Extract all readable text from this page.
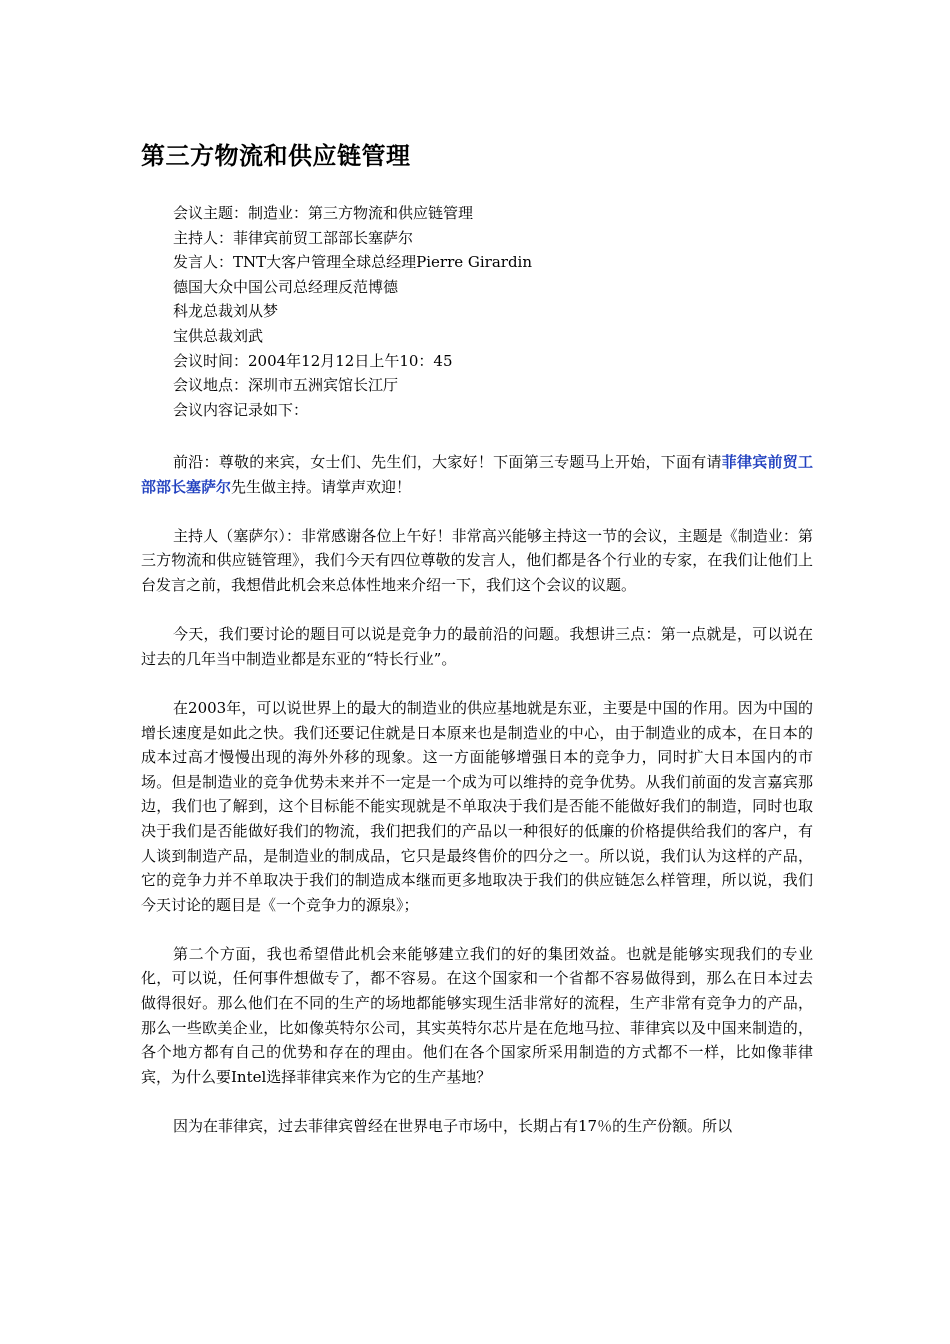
第三方物流和供应链管理
会议主题：制造业：第三方物流和供应链管理
主持人：菲律宾前贸工部部长塞萨尔
发言人：TNT大客户管理全球总经理Pierre Girardin
德国大众中国公司总经理反范博德
科龙总裁刘从梦
宝供总裁刘武
会议时间：2004年12月12日上午10：45
会议地点：深圳市五洲宾馆长江厅
会议内容记录如下：

前沿：尊敬的来宾，女士们、先生们，大家好！下面第三专题马上开始，下面有请菲律宾前贸工部部长塞萨尔先生做主持。请掌声欢迎！

主持人（塞萨尔）：非常感谢各位上午好！非常高兴能够主持这一节的会议，主题是《制造业：第三方物流和供应链管理》，我们今天有四位尊敬的发言人，他们都是各个行业的专家，在我们让他们上台发言之前，我想借此机会来总体性地来介绍一下，我们这个会议的议题。

今天，我们要讨论的题目可以说是竞争力的最前沿的问题。我想讲三点：第一点就是，可以说在过去的几年当中制造业都是东亚的“特长行业”。

在2003年，可以说世界上的最大的制造业的供应基地就是东亚，主要是中国的作用。因为中国的增长速度是如此之快。我们还要记住就是日本原来也是制造业的中心，由于制造业的成本，在日本的成本过高才慢慢出现的海外外移的现象。这一方面能够增强日本的竞争力，同时扩大日本国内的市场。但是制造业的竞争优势未来并不一定是一个成为可以维持的竞争优势。从我们前面的发言嘉宾那边，我们也了解到，这个目标能不能实现就是不单取决于我们是否能不能做好我们的制造，同时也取决于我们是否能做好我们的物流，我们把我们的产品以一种很好的低廉的价格提供给我们的客户，有人谈到制造产品，是制造业的制成品，它只是最终售价的四分之一。所以说，我们认为这样的产品，它的竞争力并不单取决于我们的制造成本继而更多地取决于我们的供应链怎么样管理，所以说，我们今天讨论的题目是《一个竞争力的源泉》；

第二个方面，我也希望借此机会来能够建立我们的好的集团效益。也就是能够实现我们的专业化，可以说，任何事件想做专了，都不容易。在这个国家和一个省都不容易做得到，那么在日本过去做得很好。那么他们在不同的生产的场地都能够实现生活非常好的流程，生产非常有竞争力的产品，那么一些欧美企业，比如像英特尔公司，其实英特尔芯片是在危地马拉、菲律宾以及中国来制造的，各个地方都有自己的优势和存在的理由。他们在各个国家所采用制造的方式都不一样，比如像菲律宾，为什么要Intel选择菲律宾来作为它的生产基地？

因为在菲律宾，过去菲律宾曾经在世界电子市场中，长期占有17％的生产份额。所以
